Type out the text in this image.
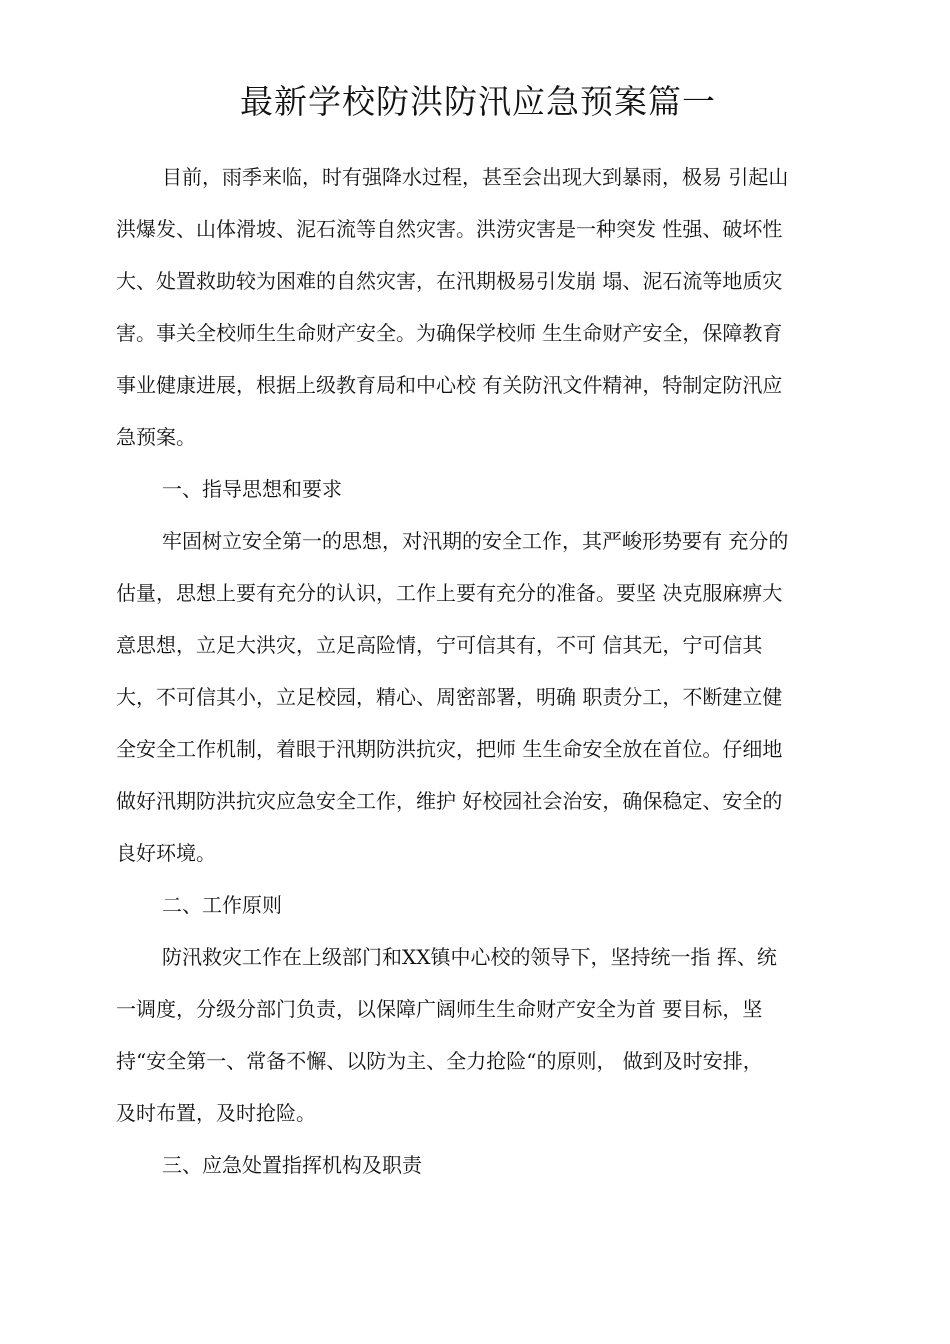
最新学校防洪防汛应急预案篇一
目前，雨季来临，时有强降水过程，甚至会出现大到暴雨，极易 引起山
洪爆发、山体滑坡、泥石流等自然灾害。洪涝灾害是一种突发 性强、破坏性
大、处置救助较为困难的自然灾害，在汛期极易引发崩 塌、泥石流等地质灾
害。事关全校师生生命财产安全。为确保学校师 生生命财产安全，保障教育
事业健康进展，根据上级教育局和中心校 有关防汛文件精神，特制定防汛应
急预案。
一、指导思想和要求
牢固树立安全第一的思想，对汛期的安全工作，其严峻形势要有 充分的
估量，思想上要有充分的认识，工作上要有充分的准备。要坚 决克服麻痹大
意思想，立足大洪灾，立足高险情，宁可信其有，不可 信其无，宁可信其
大，不可信其小，立足校园，精心、周密部署，明确 职责分工，不断建立健
全安全工作机制，着眼于汛期防洪抗灾，把师 生生命安全放在首位。仔细地
做好汛期防洪抗灾应急安全工作，维护 好校园社会治安，确保稳定、安全的
良好环境。
二、工作原则
防汛救灾工作在上级部门和XX镇中心校的领导下，坚持统一指 挥、统
一调度，分级分部门负责，以保障广阔师生生命财产安全为首 要目标，坚
持“安全第一、常备不懈、以防为主、全力抢险“的原则， 做到及时安排，
及时布置，及时抢险。
三、应急处置指挥机构及职责
